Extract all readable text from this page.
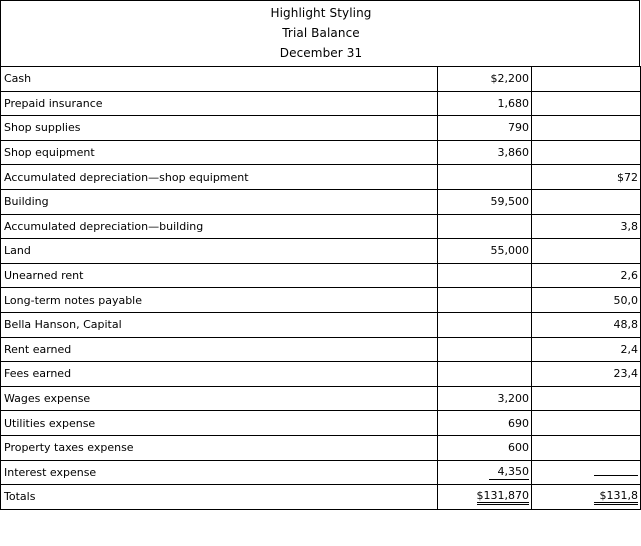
Highlight Styling
Trial Balance
December 31
Cash	$2,200	
Prepaid insurance	1,680	
Shop supplies	790	
Shop equipment	3,860	
Accumulated depreciation—shop equipment		$72
Building	59,500	
Accumulated depreciation—building		3,8
Land	55,000	
Unearned rent		2,6
Long-term notes payable		50,0
Bella Hanson, Capital		48,8
Rent earned		2,4
Fees earned		23,4
Wages expense	3,200	
Utilities expense	690	
Property taxes expense	600	
Interest expense	4,350	
Totals	$131,870	$131,8
